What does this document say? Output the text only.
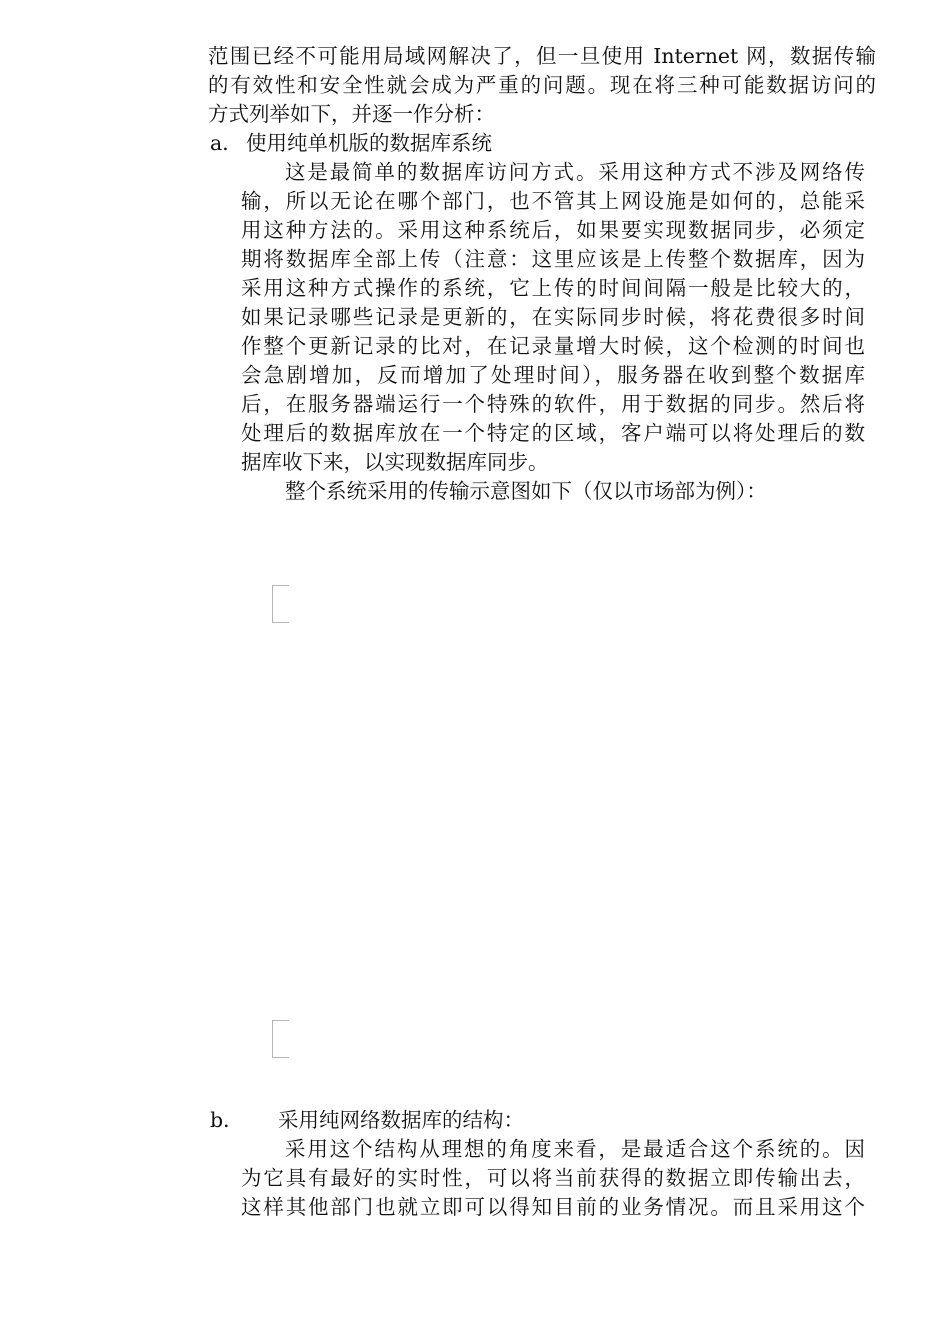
范围已经不可能用局域网解决了，但一旦使用 Internet 网，数据传输
的有效性和安全性就会成为严重的问题。现在将三种可能数据访问的
方式列举如下，并逐一作分析：
a． 使用纯单机版的数据库系统
这是最简单的数据库访问方式。采用这种方式不涉及网络传
输，所以无论在哪个部门，也不管其上网设施是如何的，总能采
用这种方法的。采用这种系统后，如果要实现数据同步，必须定
期将数据库全部上传（注意：这里应该是上传整个数据库，因为
采用这种方式操作的系统，它上传的时间间隔一般是比较大的，
如果记录哪些记录是更新的，在实际同步时候，将花费很多时间
作整个更新记录的比对，在记录量增大时候，这个检测的时间也
会急剧增加，反而增加了处理时间），服务器在收到整个数据库
后，在服务器端运行一个特殊的软件，用于数据的同步。然后将
处理后的数据库放在一个特定的区域，客户端可以将处理后的数
据库收下来，以实现数据库同步。
整个系统采用的传输示意图如下（仅以市场部为例）：
b． 采用纯网络数据库的结构：
采用这个结构从理想的角度来看，是最适合这个系统的。因
为它具有最好的实时性，可以将当前获得的数据立即传输出去，
这样其他部门也就立即可以得知目前的业务情况。而且采用这个
